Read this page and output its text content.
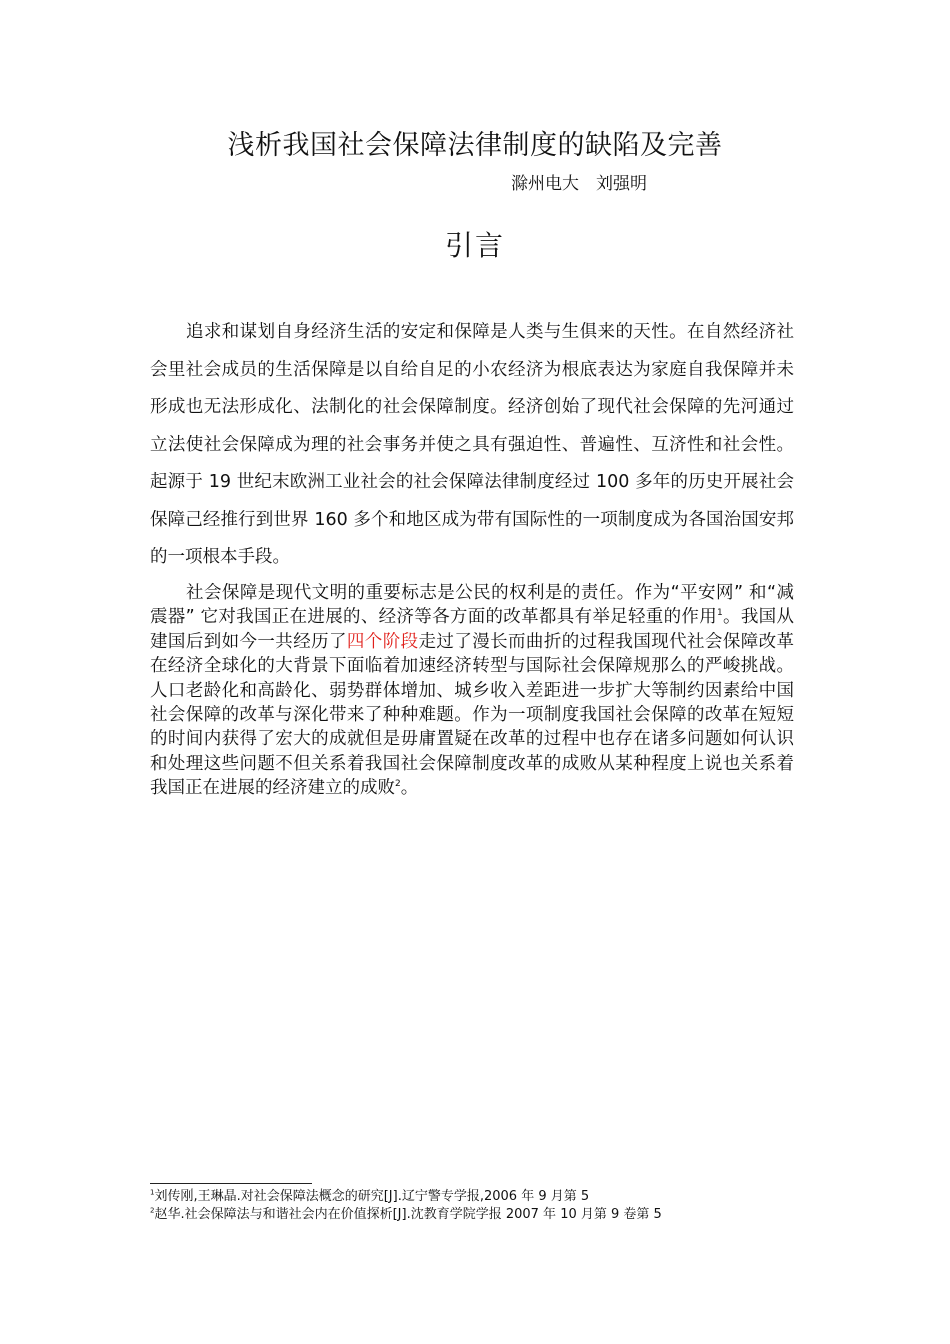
浅析我国社会保障法律制度的缺陷及完善
滁州电大　刘强明
引言

追求和谋划自身经济生活的安定和保障是人类与生俱来的天性。在自然经济社会里社会成员的生活保障是以自给自足的小农经济为根底表达为家庭自我保障并未形成也无法形成化、法制化的社会保障制度。经济创始了现代社会保障的先河通过立法使社会保障成为理的社会事务并使之具有强迫性、普遍性、互济性和社会性。起源于 19 世纪末欧洲工业社会的社会保障法律制度经过 100 多年的历史开展社会保障己经推行到世界 160 多个和地区成为带有国际性的一项制度成为各国治国安邦的一项根本手段。

社会保障是现代文明的重要标志是公民的权利是的责任。作为“平安网” 和“减震器” 它对我国正在进展的、经济等各方面的改革都具有举足轻重的作用$^1$。我国从建国后到如今一共经历了四个阶段走过了漫长而曲折的过程我国现代社会保障改革在经济全球化的大背景下面临着加速经济转型与国际社会保障规那么的严峻挑战。人口老龄化和高龄化、弱势群体增加、城乡收入差距进一步扩大等制约因素给中国社会保障的改革与深化带来了种种难题。作为一项制度我国社会保障的改革在短短的时间内获得了宏大的成就但是毋庸置疑在改革的过程中也存在诸多问题如何认识和处理这些问题不但关系着我国社会保障制度改革的成败从某种程度上说也关系着我国正在进展的经济建立的成败$^2$。

$^1$刘传刚,王琳晶.对社会保障法概念的研究[J].辽宁警专学报,2006 年 9 月第 5
$^2$赵华.社会保障法与和谐社会内在价值探析[J].沈教育学院学报 2007 年 10 月第 9 卷第 5
